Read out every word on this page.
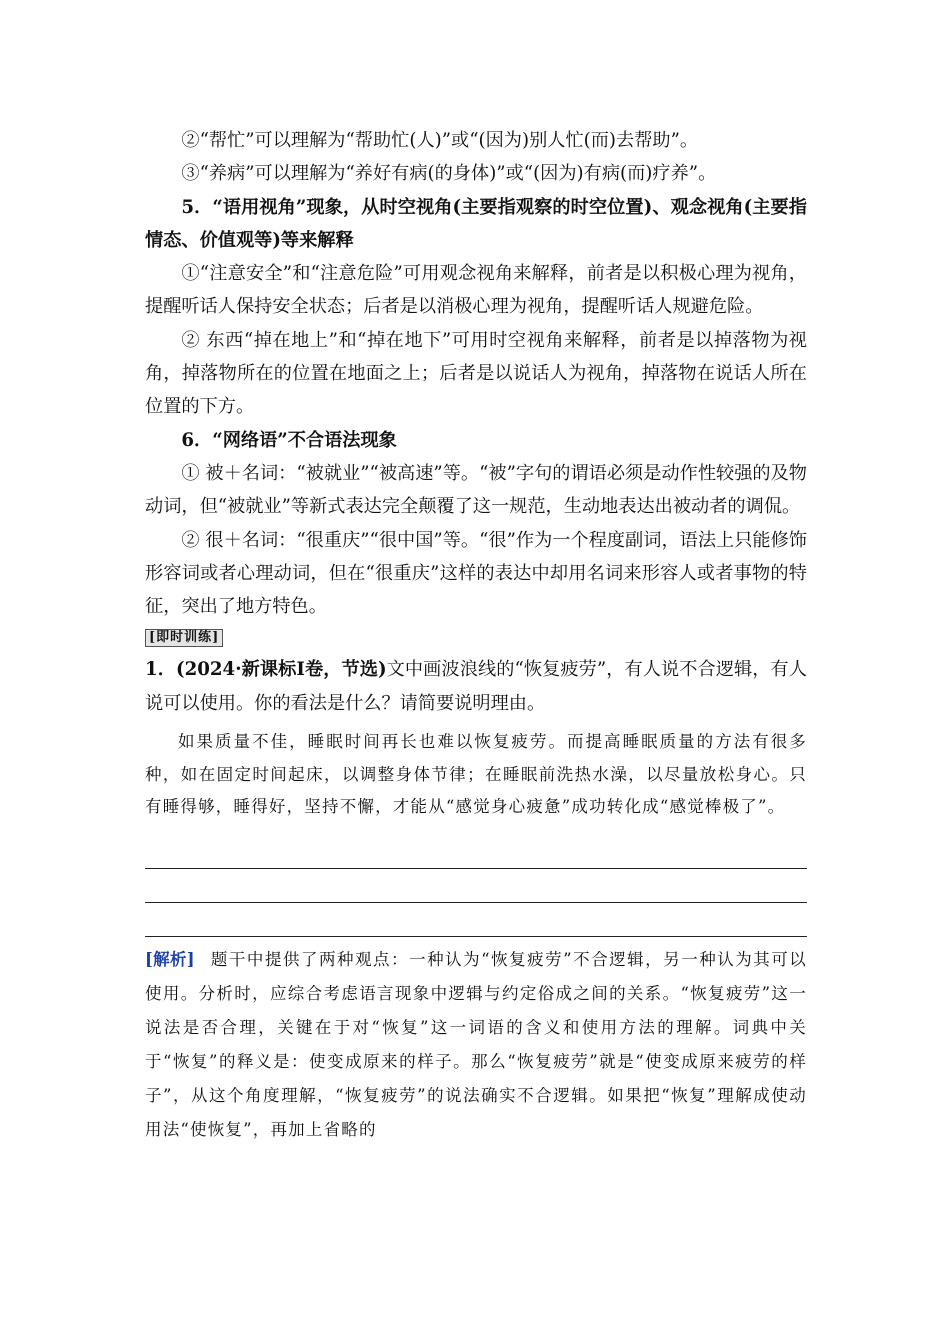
②“帮忙”可以理解为“帮助忙(人)”或“(因为)别人忙(而)去帮助”。

③“养病”可以理解为“养好有病(的身体)”或“(因为)有病(而)疗养”。

5．“语用视角”现象，从时空视角(主要指观察的时空位置)、观念视角(主要指情态、价值观等)等来解释

①“注意安全”和“注意危险”可用观念视角来解释，前者是以积极心理为视角，提醒听话人保持安全状态；后者是以消极心理为视角，提醒听话人规避危险。

② 东西“掉在地上”和“掉在地下”可用时空视角来解释，前者是以掉落物为视角，掉落物所在的位置在地面之上；后者是以说话人为视角，掉落物在说话人所在位置的下方。

6．“网络语”不合语法现象

① 被＋名词：“被就业”“被高速”等。“被”字句的谓语必须是动作性较强的及物动词，但“被就业”等新式表达完全颠覆了这一规范，生动地表达出被动者的调侃。

② 很＋名词：“很重庆”“很中国”等。“很”作为一个程度副词，语法上只能修饰形容词或者心理动词，但在“很重庆”这样的表达中却用名词来形容人或者事物的特征，突出了地方特色。

[即时训练]

1．(2024·新课标Ⅰ卷，节选)文中画波浪线的“恢复疲劳”，有人说不合逻辑，有人说可以使用。你的看法是什么？请简要说明理由。

如果质量不佳，睡眠时间再长也难以恢复疲劳。而提高睡眠质量的方法有很多种，如在固定时间起床，以调整身体节律；在睡眠前洗热水澡，以尽量放松身心。只有睡得够，睡得好，坚持不懈，才能从“感觉身心疲惫”成功转化成“感觉棒极了”。

[解析] 题干中提供了两种观点：一种认为“恢复疲劳”不合逻辑，另一种认为其可以使用。分析时，应综合考虑语言现象中逻辑与约定俗成之间的关系。“恢复疲劳”这一说法是否合理，关键在于对“恢复”这一词语的含义和使用方法的理解。词典中关于“恢复”的释义是：使变成原来的样子。那么“恢复疲劳”就是“使变成原来疲劳的样子”，从这个角度理解，“恢复疲劳”的说法确实不合逻辑。如果把“恢复”理解成使动用法“使恢复”，再加上省略的
